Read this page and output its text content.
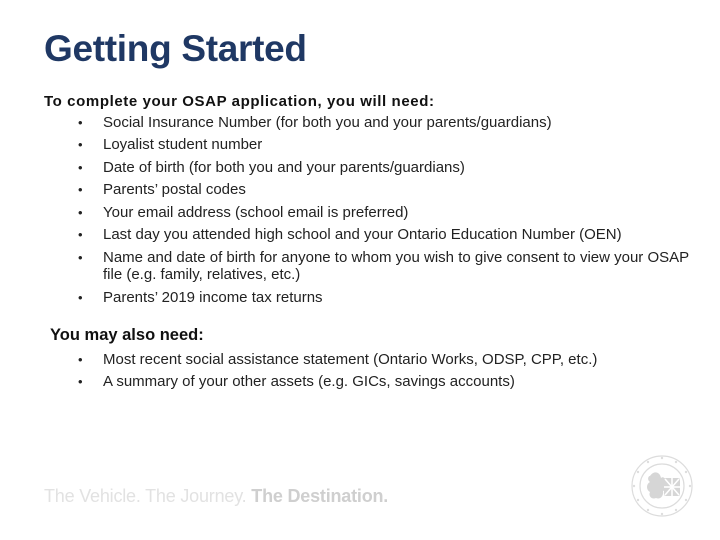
Getting Started

To complete your OSAP application, you will need:

• Social Insurance Number (for both you and your parents/guardians)
• Loyalist student number
• Date of birth (for both you and your parents/guardians)
• Parents’ postal codes
• Your email address (school email is preferred)
• Last day you attended high school and your Ontario Education Number (OEN)
• Name and date of birth for anyone to whom you wish to give consent to view your OSAP file (e.g. family, relatives, etc.)
• Parents’ 2019 income tax returns

You may also need:

• Most recent social assistance statement (Ontario Works, ODSP, CPP, etc.)
• A summary of your other assets (e.g. GICs, savings accounts)
The Vehicle. The Journey. The Destination.
